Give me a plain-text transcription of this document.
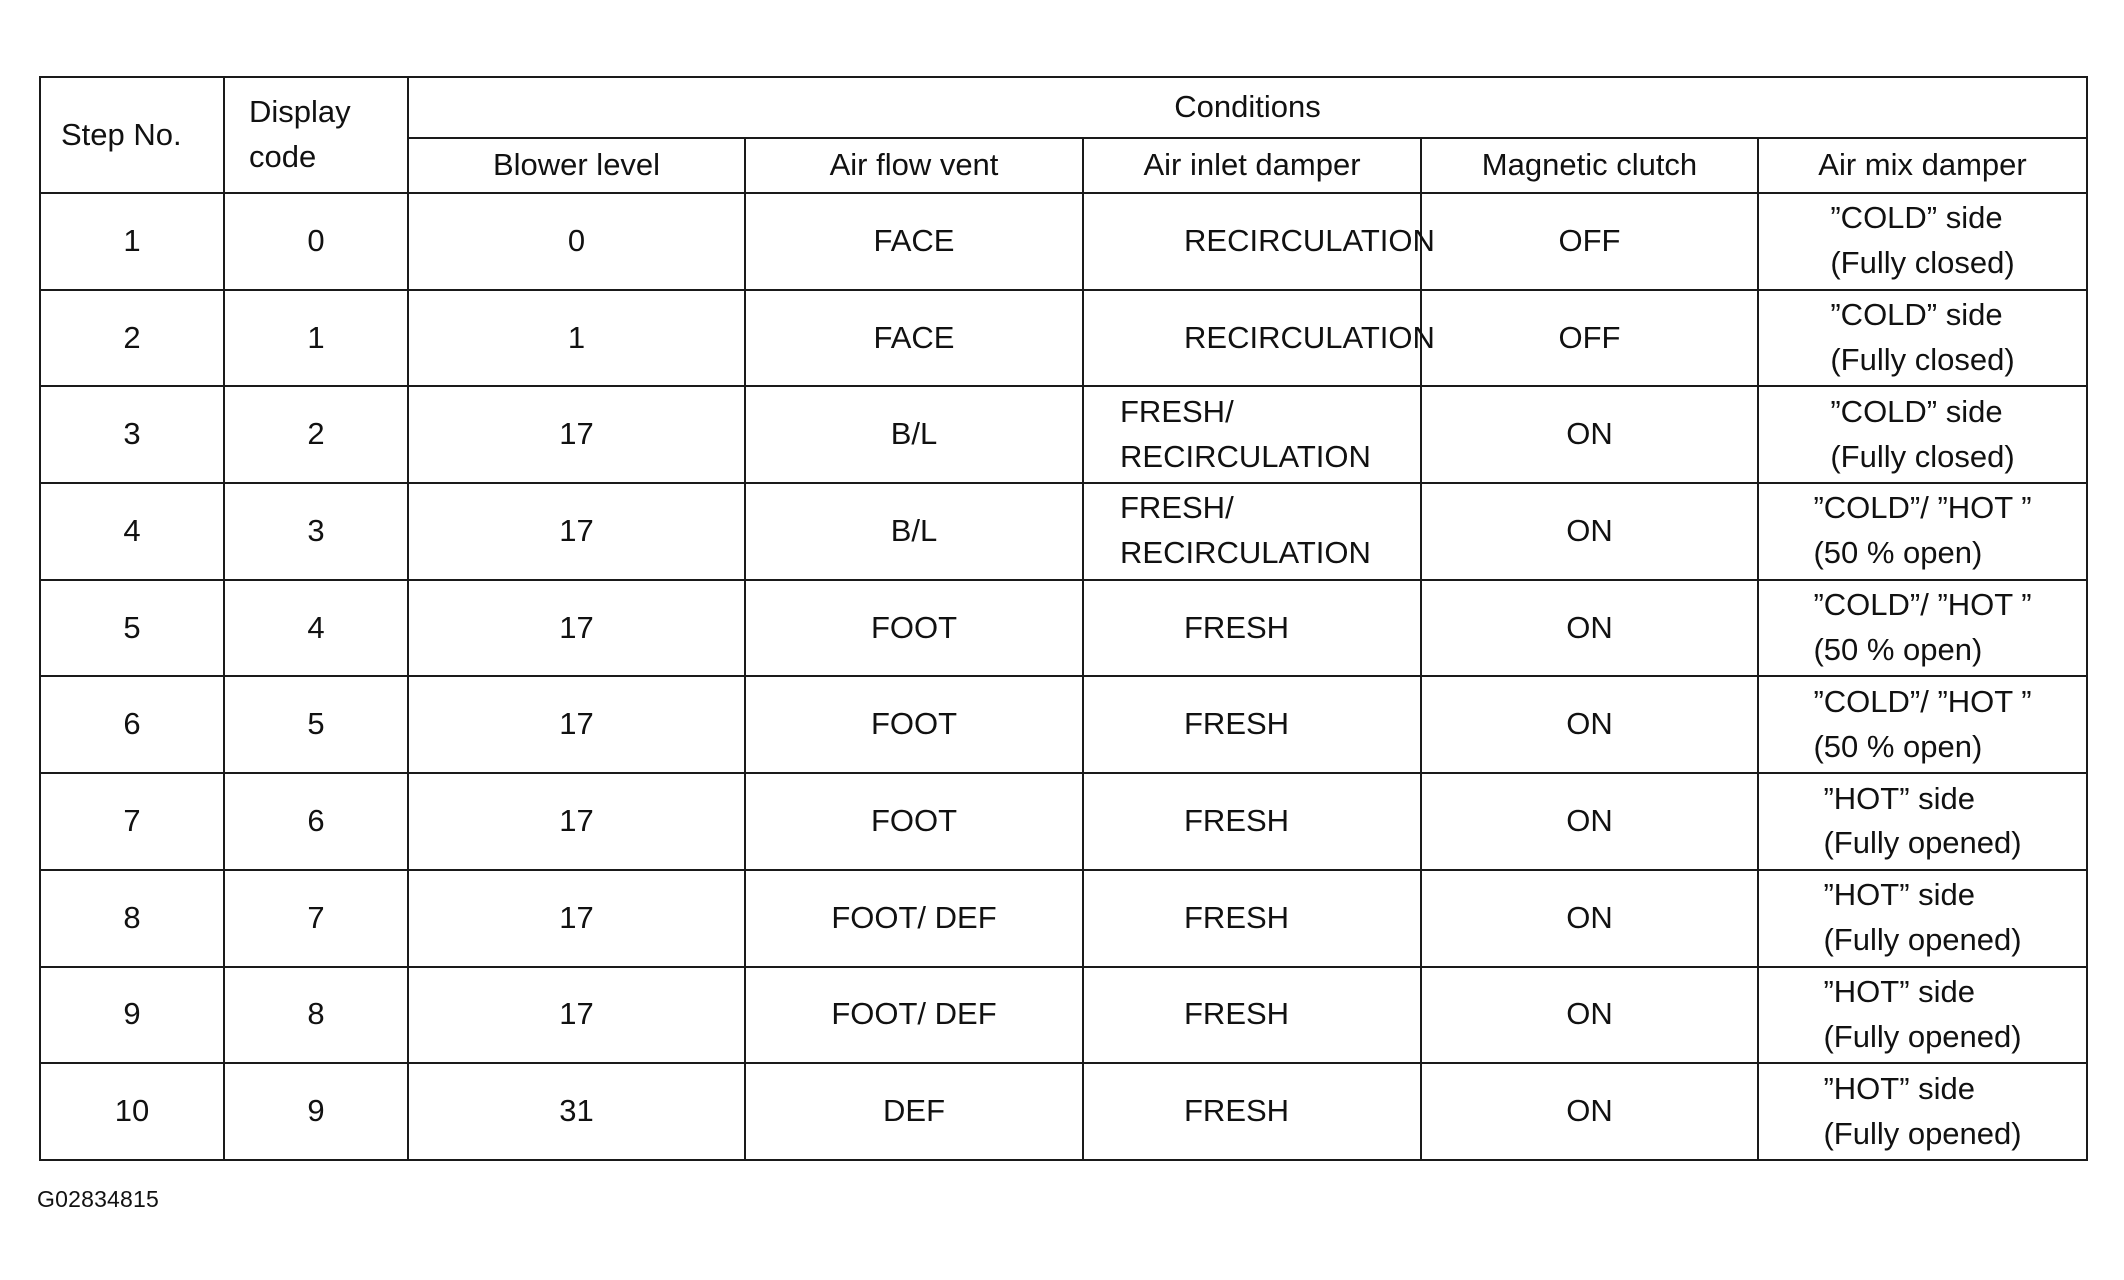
Step No.	Display
code	Conditions				
		Blower level	Air flow vent	Air inlet damper	Magnetic clutch	Air mix damper
1	0	0	FACE	RECIRCULATION	OFF	”COLD” side
(Fully closed)
2	1	1	FACE	RECIRCULATION	OFF	”COLD” side
(Fully closed)
3	2	17	B/L	FRESH/
RECIRCULATION	ON	”COLD” side
(Fully closed)
4	3	17	B/L	FRESH/
RECIRCULATION	ON	”COLD”/ ”HOT ”
(50 % open)
5	4	17	FOOT	FRESH	ON	”COLD”/ ”HOT ”
(50 % open)
6	5	17	FOOT	FRESH	ON	”COLD”/ ”HOT ”
(50 % open)
7	6	17	FOOT	FRESH	ON	”HOT” side
(Fully opened)
8	7	17	FOOT/ DEF	FRESH	ON	”HOT” side
(Fully opened)
9	8	17	FOOT/ DEF	FRESH	ON	”HOT” side
(Fully opened)
10	9	31	DEF	FRESH	ON	”HOT” side
(Fully opened)
G02834815
